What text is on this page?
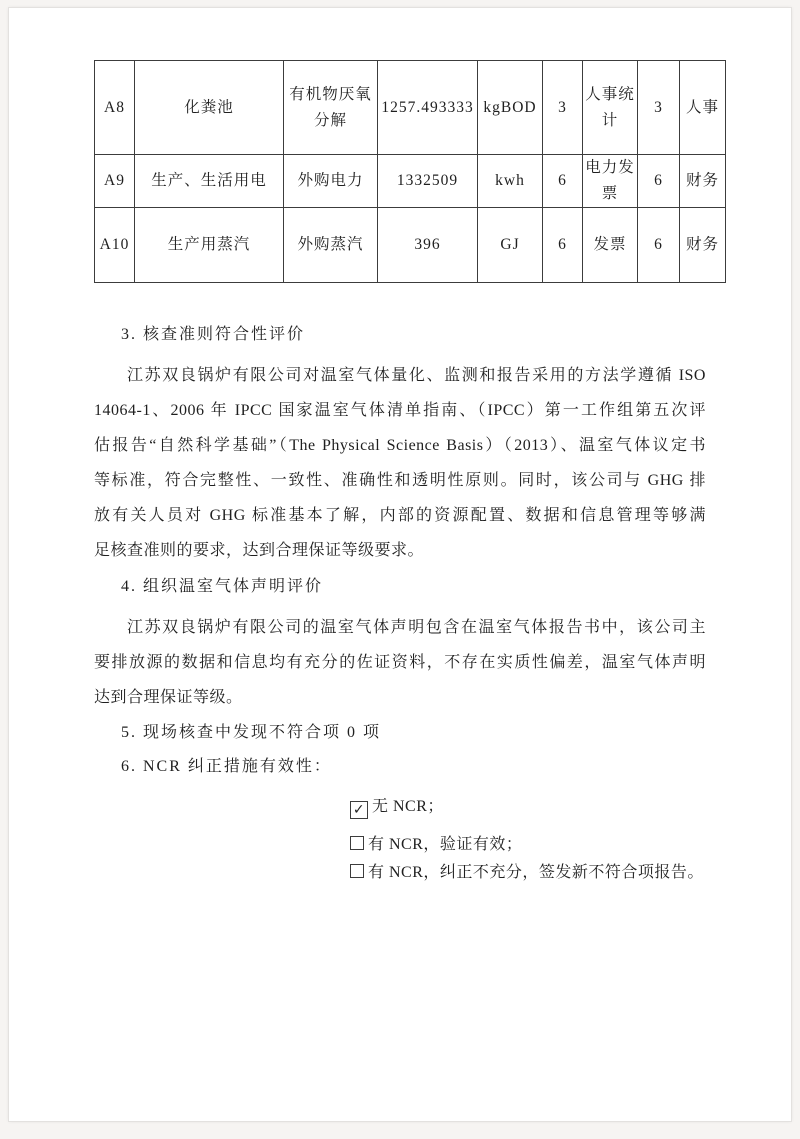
A8	化粪池	有机物厌氧分解	1257.493333	kgBOD	3	人事统计	3	人事
A9	生产、生活用电	外购电力	1332509	kwh	6	电力发票	6	财务
A10	生产用蒸汽	外购蒸汽	396	GJ	6	发票	6	财务
3. 核查准则符合性评价
江苏双良锅炉有限公司对温室气体量化、监测和报告采用的方法学遵循 ISO
14064-1、2006 年 IPCC 国家温室气体清单指南、（IPCC）第一工作组第五次评
估报告“自然科学基础”（The Physical Science Basis）（2013）、温室气体议定书
等标准，符合完整性、一致性、准确性和透明性原则。同时，该公司与 GHG 排
放有关人员对 GHG 标准基本了解，内部的资源配置、数据和信息管理等够满
足核查准则的要求，达到合理保证等级要求。
4. 组织温室气体声明评价
江苏双良锅炉有限公司的温室气体声明包含在温室气体报告书中，该公司主
要排放源的数据和信息均有充分的佐证资料，不存在实质性偏差，温室气体声明
达到合理保证等级。
5. 现场核查中发现不符合项 0 项
6. NCR 纠正措施有效性：
✓ 无 NCR；
有 NCR，验证有效；
有 NCR，纠正不充分，签发新不符合项报告。
